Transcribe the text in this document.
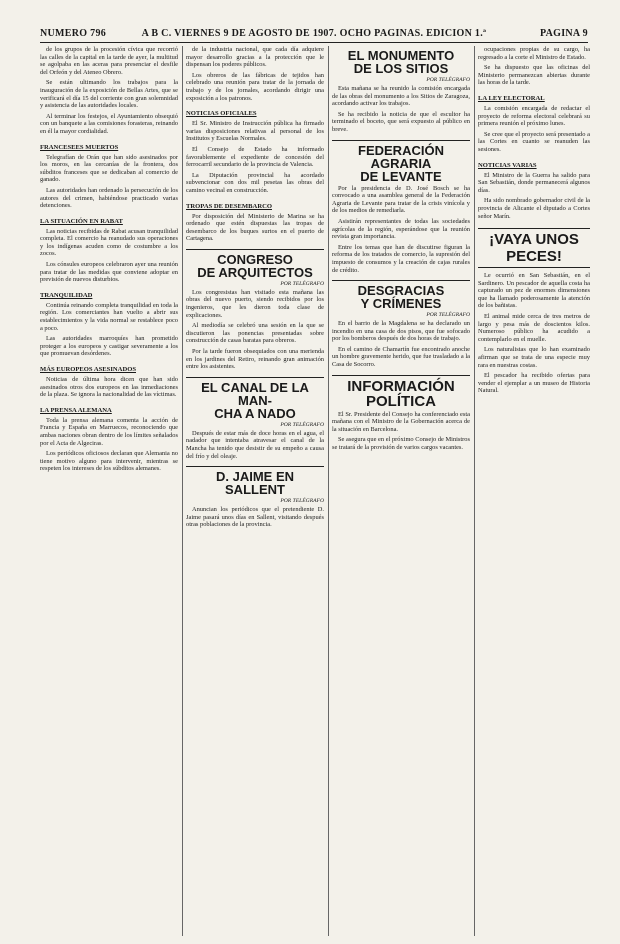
NUMERO 796	A B C. VIERNES 9 DE AGOSTO DE 1907. OCHO PAGINAS. EDICION 1.ª	PAGINA 9

de los grupos de la procesión cívica que recorrió las calles de la capital en la tarde de ayer, la multitud se agolpaba en las aceras para presenciar el desfile del Orfeón y del Ateneo Obrero.

Se están ultimando los trabajos para la inauguración de la exposición de Bellas Artes, que se verificará el día 15 del corriente con gran solemnidad y asistencia de las autoridades locales.

Al terminar los festejos, el Ayuntamiento obsequió con un banquete a las comisiones forasteras, reinando en él la mayor cordialidad.

FRANCESEES MUERTOS

Telegrafían de Orán que han sido asesinados por los moros, en las cercanías de la frontera, dos súbditos franceses que se dedicaban al comercio de ganado.

Las autoridades han ordenado la persecución de los autores del crimen, habiéndose practicado varias detenciones.

LA SITUACIÓN EN RABAT

Las noticias recibidas de Rabat acusan tranquilidad completa. El comercio ha reanudado sus operaciones y los indígenas acuden como de costumbre a los zocos.

Los cónsules europeos celebraron ayer una reunión para tratar de las medidas que conviene adoptar en previsión de nuevos disturbios.

TRANQUILIDAD

Continúa reinando completa tranquilidad en toda la región. Los comerciantes han vuelto a abrir sus establecimientos y la vida normal se restablece poco a poco.

Las autoridades marroquíes han prometido proteger a los europeos y castigar severamente a los que promuevan desórdenes.

MÁS EUROPEOS ASESINADOS

Noticias de última hora dicen que han sido asesinados otros dos europeos en las inmediaciones de la plaza. Se ignora la nacionalidad de las víctimas.

LA PRENSA ALEMANA

Toda la prensa alemana comenta la acción de Francia y España en Marruecos, reconociendo que ambas naciones obran dentro de los límites señalados por el Acta de Algeciras.

Los periódicos oficiosos declaran que Alemania no tiene motivo alguno para intervenir, mientras se respeten los intereses de los súbditos alemanes.

de la industria nacional, que cada día adquiere mayor desarrollo gracias a la protección que le dispensan los poderes públicos.

Los obreros de las fábricas de tejidos han celebrado una reunión para tratar de la jornada de trabajo y de los jornales, acordando dirigir una exposición a los patronos.

NOTICIAS OFICIALES

El Sr. Ministro de Instrucción pública ha firmado varias disposiciones relativas al personal de los Institutos y Escuelas Normales.

El Consejo de Estado ha informado favorablemente el expediente de concesión del ferrocarril secundario de la provincia de Valencia.

La Diputación provincial ha acordado subvencionar con dos mil pesetas las obras del camino vecinal en construcción.

TROPAS DE DESEMBARCO

Por disposición del Ministerio de Marina se ha ordenado que estén dispuestas las tropas de desembarco de los buques surtos en el puerto de Cartagena.

CONGRESO
DE ARQUITECTOS
POR TELÉGRAFO

Los congresistas han visitado esta mañana las obras del nuevo puerto, siendo recibidos por los ingenieros, que les dieron toda clase de explicaciones.

Al mediodía se celebró una sesión en la que se discutieron las ponencias presentadas sobre construcción de casas baratas para obreros.

Por la tarde fueron obsequiados con una merienda en los jardines del Retiro, reinando gran animación entre los asistentes.

EL CANAL DE LA MAN-
CHA A NADO
POR TELÉGRAFO

Después de estar más de doce horas en el agua, el nadador que intentaba atravesar el canal de la Mancha ha tenido que desistir de su empeño a causa del frío y del oleaje.

D. JAIME EN SALLENT
POR TELÉGRAFO

Anuncian los periódicos que el pretendiente D. Jaime pasará unos días en Sallent, visitando después otras poblaciones de la provincia.

EL MONUMENTO
DE LOS SITIOS
POR TELÉGRAFO

Esta mañana se ha reunido la comisión encargada de las obras del monumento a los Sitios de Zaragoza, acordando activar los trabajos.

Se ha recibido la noticia de que el escultor ha terminado el boceto, que será expuesto al público en breve.

FEDERACIÓN AGRARIA
DE LEVANTE

Por la presidencia de D. José Bosch se ha convocado a una asamblea general de la Federación Agraria de Levante para tratar de la crisis vinícola y de los medios de remediarla.

Asistirán representantes de todas las sociedades agrícolas de la región, esperándose que la reunión revista gran importancia.

Entre los temas que han de discutirse figuran la reforma de los tratados de comercio, la supresión del impuesto de consumos y la creación de cajas rurales de crédito.

DESGRACIAS
Y CRÍMENES
POR TELÉGRAFO

En el barrio de la Magdalena se ha declarado un incendio en una casa de dos pisos, que fue sofocado por los bomberos después de dos horas de trabajo.

En el camino de Chamartín fue encontrado anoche un hombre gravemente herido, que fue trasladado a la Casa de Socorro.

INFORMACIÓN
POLÍTICA

El Sr. Presidente del Consejo ha conferenciado esta mañana con el Ministro de la Gobernación acerca de la situación en Barcelona.

Se asegura que en el próximo Consejo de Ministros se tratará de la provisión de varios cargos vacantes.

ocupaciones propias de su cargo, ha regresado a la corte el Ministro de Estado.

Se ha dispuesto que las oficinas del Ministerio permanezcan abiertas durante las horas de la tarde.

LA LEY ELECTORAL

La comisión encargada de redactar el proyecto de reforma electoral celebrará su primera reunión el próximo lunes.

Se cree que el proyecto será presentado a las Cortes en cuanto se reanuden las sesiones.

NOTICIAS VARIAS

El Ministro de la Guerra ha salido para San Sebastián, donde permanecerá algunos días.

Ha sido nombrado gobernador civil de la provincia de Alicante el diputado a Cortes señor Marín.

¡VAYA UNOS PECES!

Le ocurrió en San Sebastián, en el Sardinero. Un pescador de aquella costa ha capturado un pez de enormes dimensiones que ha llamado poderosamente la atención de los bañistas.

El animal mide cerca de tres metros de largo y pesa más de doscientos kilos. Numeroso público ha acudido a contemplarlo en el muelle.

Los naturalistas que lo han examinado afirman que se trata de una especie muy rara en nuestras costas.

El pescador ha recibido ofertas para vender el ejemplar a un museo de Historia Natural.
